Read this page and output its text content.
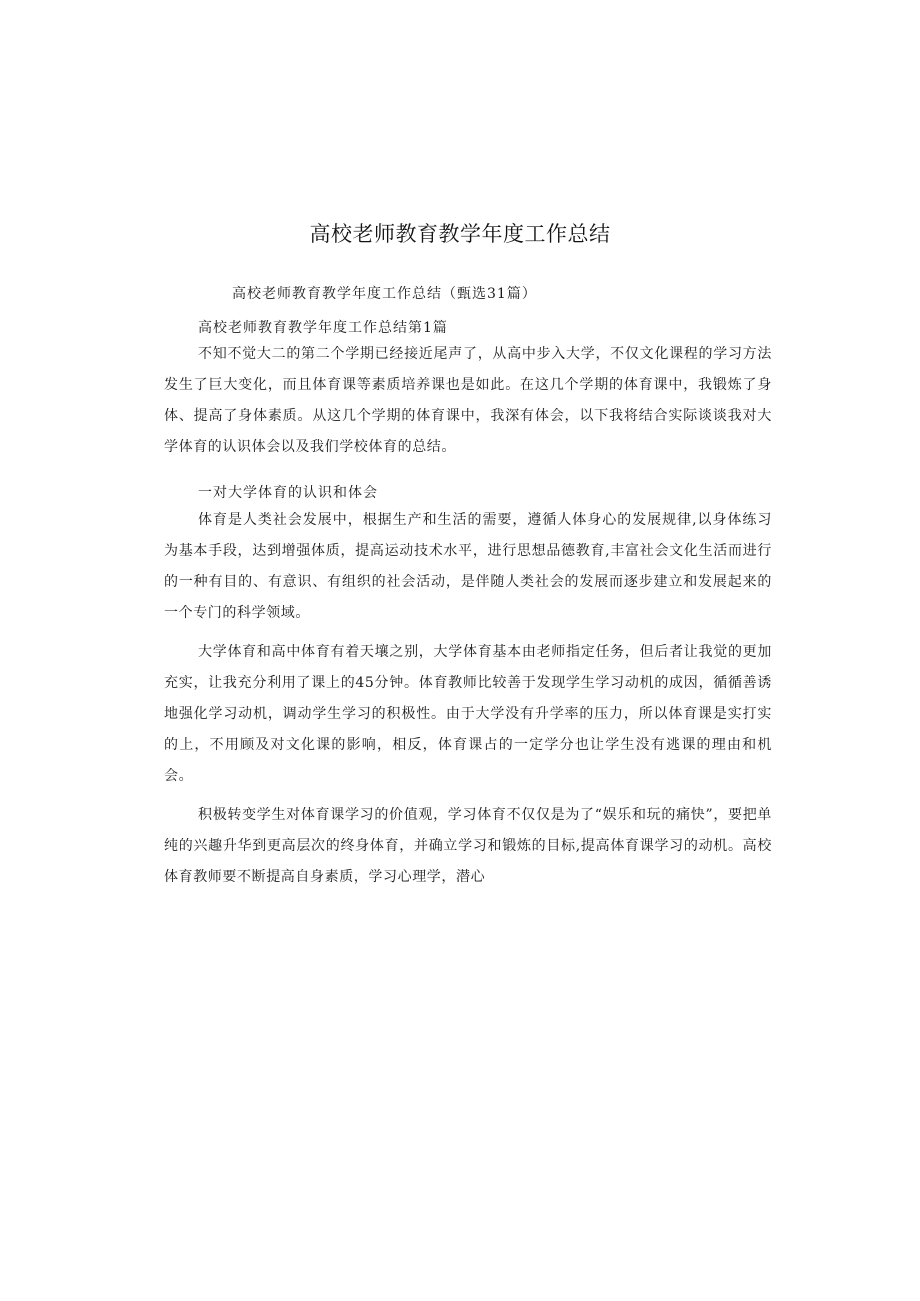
高校老师教育教学年度工作总结

高校老师教育教学年度工作总结（甄选31篇）

高校老师教育教学年度工作总结第1篇

不知不觉大二的第二个学期已经接近尾声了，从高中步入大学，不仅文化课程的学习方法发生了巨大变化，而且体育课等素质培养课也是如此。在这几个学期的体育课中，我锻炼了身体、提高了身体素质。从这几个学期的体育课中，我深有体会，以下我将结合实际谈谈我对大学体育的认识体会以及我们学校体育的总结。

一对大学体育的认识和体会

体育是人类社会发展中，根据生产和生活的需要，遵循人体身心的发展规律,以身体练习为基本手段，达到增强体质，提高运动技术水平，进行思想品德教育,丰富社会文化生活而进行的一种有目的、有意识、有组织的社会活动，是伴随人类社会的发展而逐步建立和发展起来的一个专门的科学领域。

大学体育和高中体育有着天壤之别，大学体育基本由老师指定任务，但后者让我觉的更加充实，让我充分利用了课上的45分钟。体育教师比较善于发现学生学习动机的成因，循循善诱地强化学习动机，调动学生学习的积极性。由于大学没有升学率的压力，所以体育课是实打实的上，不用顾及对文化课的影响，相反，体育课占的一定学分也让学生没有逃课的理由和机会。

积极转变学生对体育课学习的价值观，学习体育不仅仅是为了“娱乐和玩的痛快”，要把单纯的兴趣升华到更高层次的终身体育，并确立学习和锻炼的目标,提高体育课学习的动机。高校体育教师要不断提高自身素质，学习心理学，潜心
